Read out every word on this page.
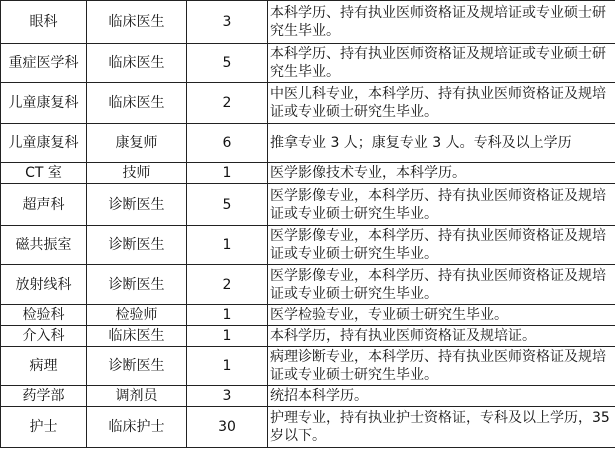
眼科	临床医生	3	本科学历、持有执业医师资格证及规培证或专业硕士研究生毕业。
重症医学科	临床医生	5	本科学历、持有执业医师资格证及规培证或专业硕士研究生毕业。
儿童康复科	临床医生	2	中医儿科专业，本科学历、持有执业医师资格证及规培证或专业硕士研究生毕业。
儿童康复科	康复师	6	推拿专业 3 人；康复专业 3 人。专科及以上学历
CT 室	技师	1	医学影像技术专业，本科学历。
超声科	诊断医生	5	医学影像专业，本科学历、持有执业医师资格证及规培证或专业硕士研究生毕业。
磁共振室	诊断医生	1	医学影像专业，本科学历、持有执业医师资格证及规培证或专业硕士研究生毕业。
放射线科	诊断医生	2	医学影像专业，本科学历、持有执业医师资格证及规培证或专业硕士研究生毕业。
检验科	检验师	1	医学检验专业，专业硕士研究生毕业。
介入科	临床医生	1	本科学历，持有执业医师资格证及规培证。
病理	诊断医生	1	病理诊断专业，本科学历、持有执业医师资格证及规培证或专业硕士研究生毕业。
药学部	调剂员	3	统招本科学历。
护士	临床护士	30	护理专业，持有执业护士资格证，专科及以上学历，35 岁以下。
